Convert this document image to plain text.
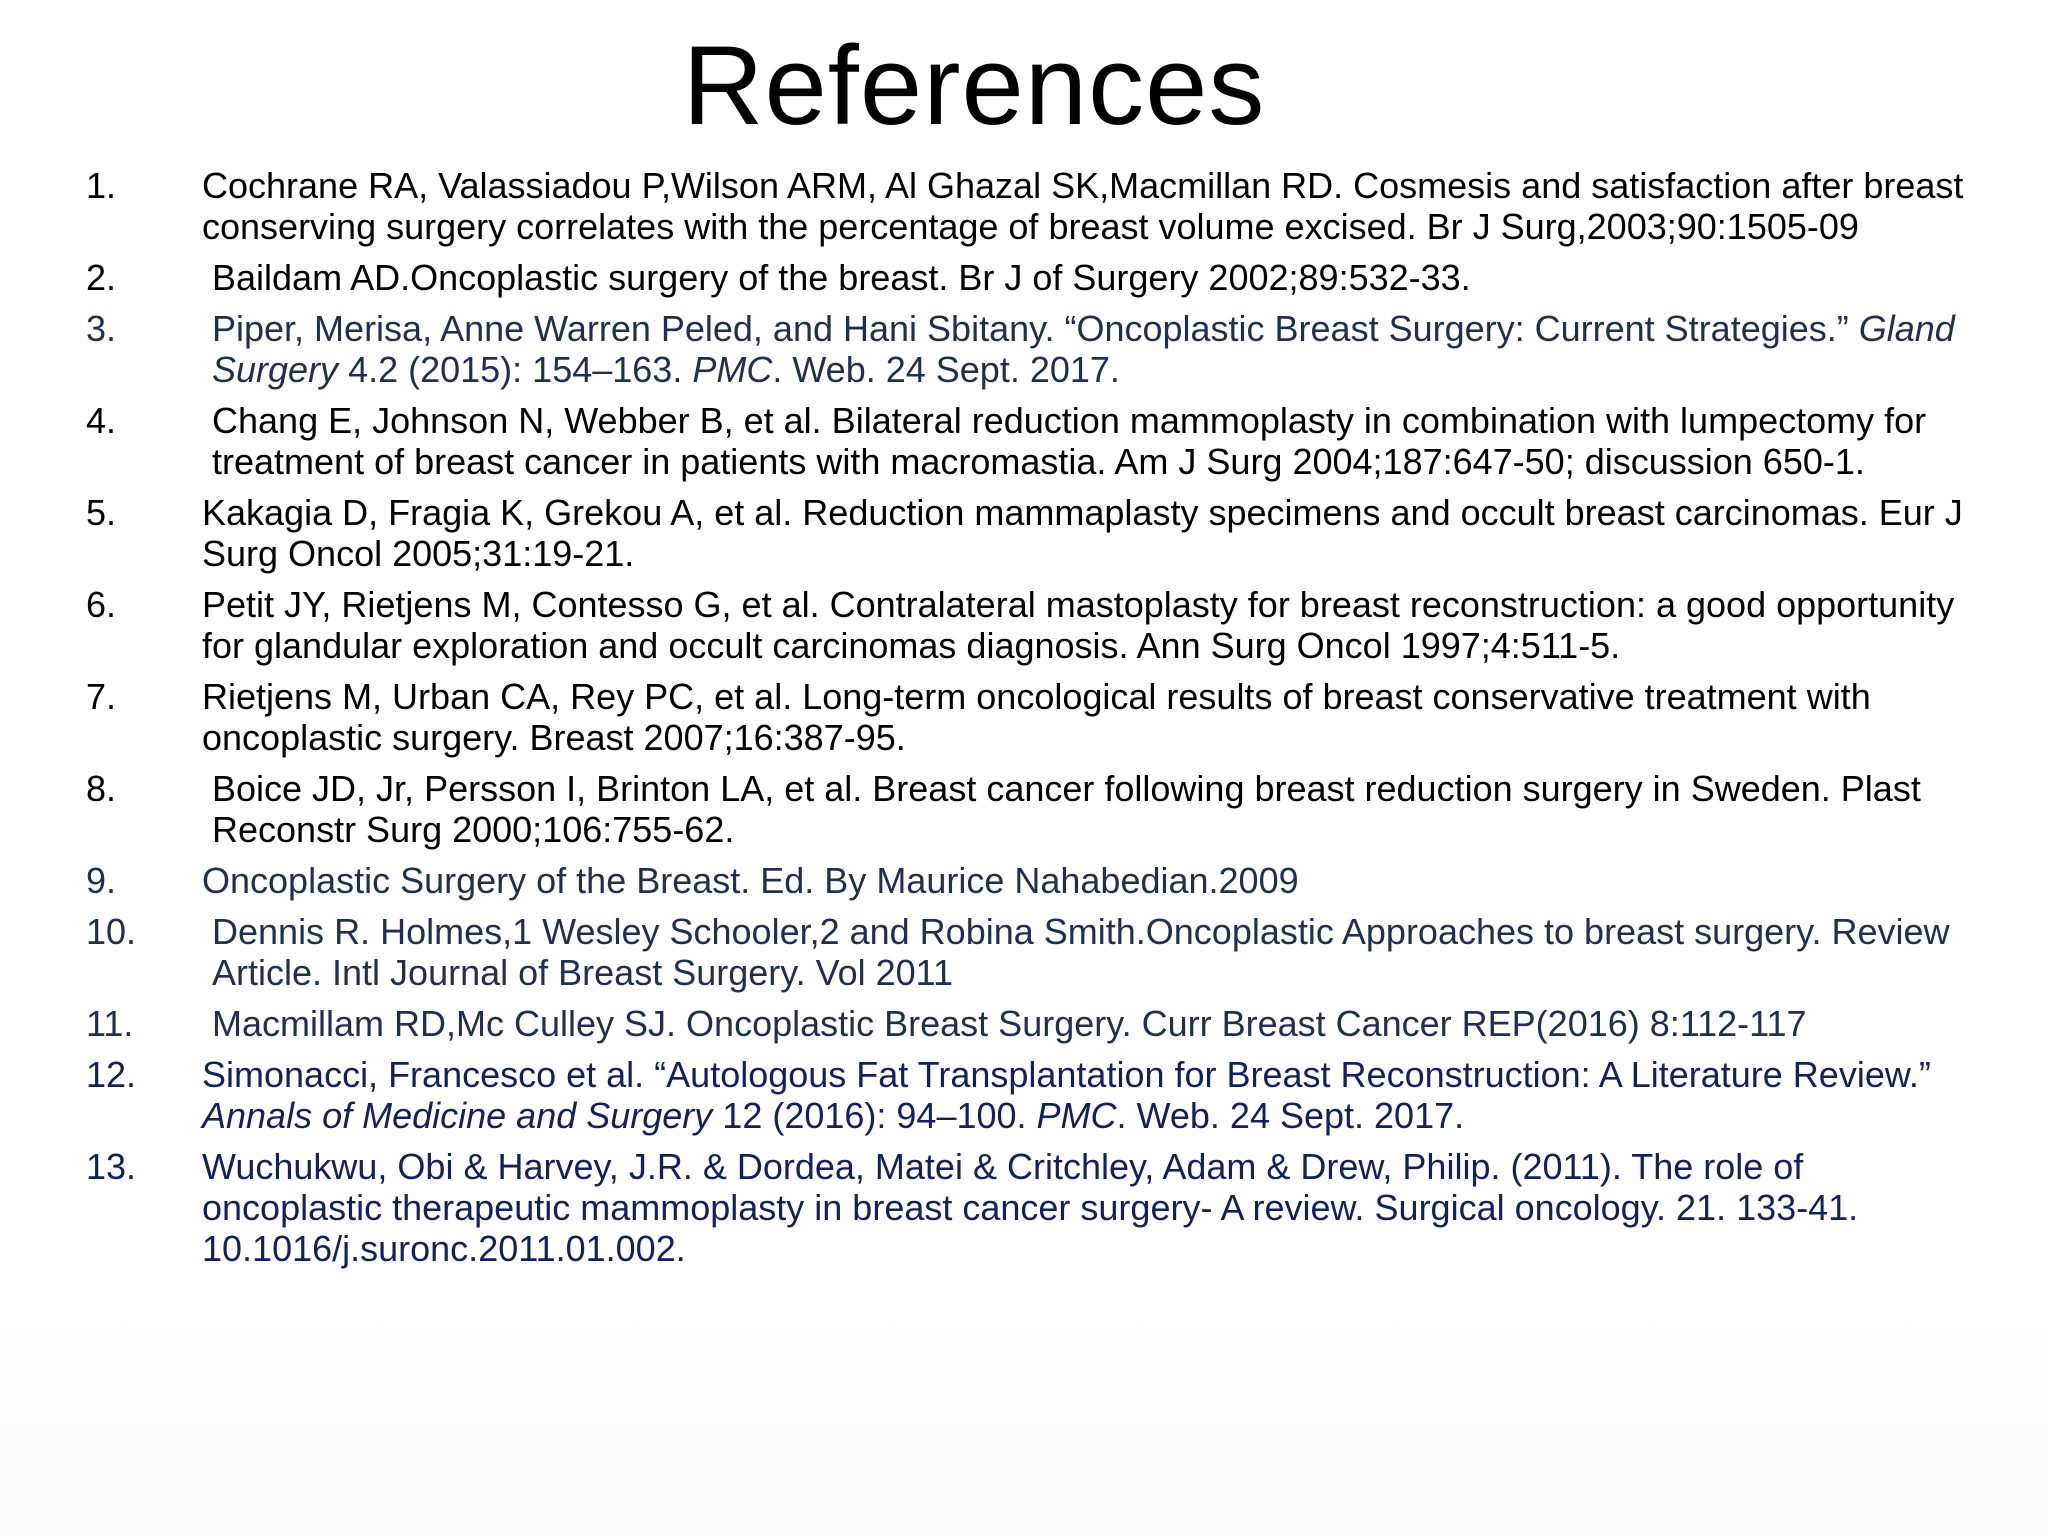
References
1.	Cochrane RA, Valassiadou P,Wilson ARM, Al Ghazal SK,Macmillan RD. Cosmesis and satisfaction after breast conserving surgery correlates with the percentage of breast volume excised. Br J Surg,2003;90:1505-09
2.	Baildam AD.Oncoplastic surgery of the breast. Br J of Surgery 2002;89:532-33.
3.	Piper, Merisa, Anne Warren Peled, and Hani Sbitany. “Oncoplastic Breast Surgery: Current Strategies.” Gland Surgery 4.2 (2015): 154–163. PMC. Web. 24 Sept. 2017.
4.	Chang E, Johnson N, Webber B, et al. Bilateral reduction mammoplasty in combination with lumpectomy for treatment of breast cancer in patients with macromastia. Am J Surg 2004;187:647-50; discussion 650-1.
5.	Kakagia D, Fragia K, Grekou A, et al. Reduction mammaplasty specimens and occult breast carcinomas. Eur J Surg Oncol 2005;31:19-21.
6.	Petit JY, Rietjens M, Contesso G, et al. Contralateral mastoplasty for breast reconstruction: a good opportunity for glandular exploration and occult carcinomas diagnosis. Ann Surg Oncol 1997;4:511-5.
7.	Rietjens M, Urban CA, Rey PC, et al. Long-term oncological results of breast conservative treatment with oncoplastic surgery. Breast 2007;16:387-95.
8.	Boice JD, Jr, Persson I, Brinton LA, et al. Breast cancer following breast reduction surgery in Sweden. Plast Reconstr Surg 2000;106:755-62.
9.	Oncoplastic Surgery of the Breast. Ed. By Maurice Nahabedian.2009
10.	Dennis R. Holmes,1 Wesley Schooler,2 and Robina Smith.Oncoplastic Approaches to breast surgery. Review Article. Intl Journal of Breast Surgery. Vol 2011
11.	Macmillam RD,Mc Culley SJ. Oncoplastic Breast Surgery. Curr Breast Cancer REP(2016) 8:112-117
12.	Simonacci, Francesco et al. “Autologous Fat Transplantation for Breast Reconstruction: A Literature Review.” Annals of Medicine and Surgery 12 (2016): 94–100. PMC. Web. 24 Sept. 2017.
13.	Wuchukwu, Obi & Harvey, J.R. & Dordea, Matei & Critchley, Adam & Drew, Philip. (2011). The role of oncoplastic therapeutic mammoplasty in breast cancer surgery- A review. Surgical oncology. 21. 133-41. 10.1016/j.suronc.2011.01.002.
